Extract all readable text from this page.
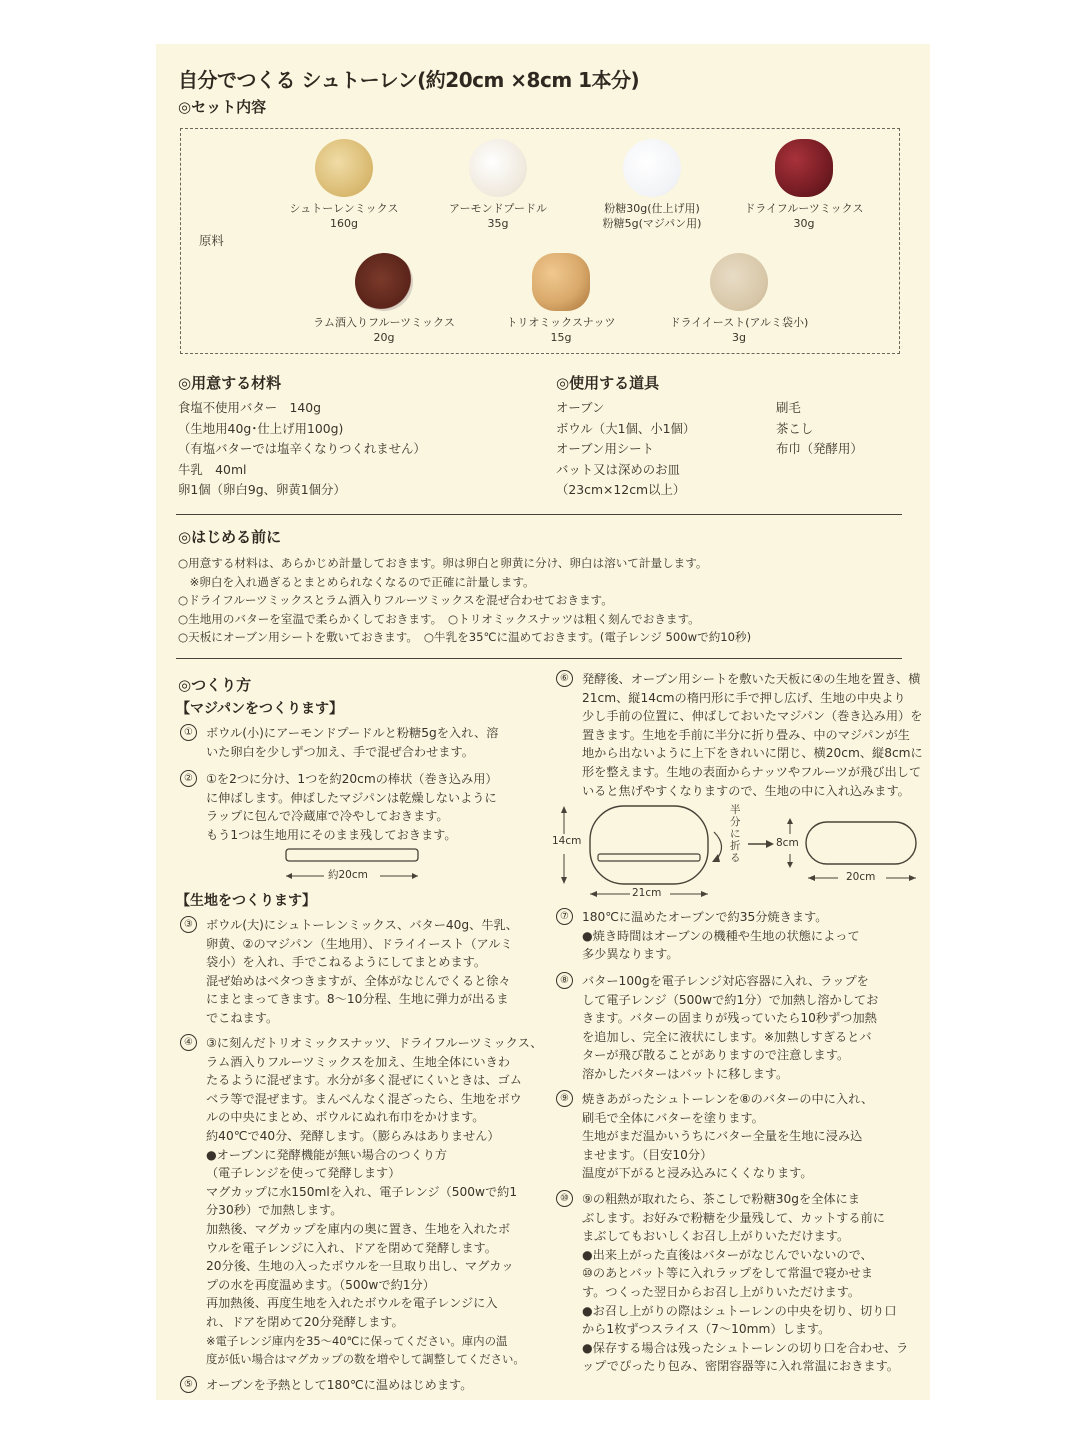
自分でつくる シュトーレン(約20cm ×8cm 1本分)
◎セット内容
原料
シュトーレンミックス
160g
アーモンドプードル
35g
粉糖30g(仕上げ用)
粉糖5g(マジパン用)
ドライフルーツミックス
30g
ラム酒入りフルーツミックス
20g
トリオミックスナッツ
15g
ドライイースト(アルミ袋小)
3g
◎用意する材料
食塩不使用バター　140g
（生地用40g･仕上げ用100g)
（有塩バターでは塩辛くなりつくれません）
牛乳　40ml
卵1個（卵白9g、卵黄1個分）
◎使用する道具
オーブン
ボウル（大1個、小1個）
オーブン用シート
バット又は深めのお皿
（23cm×12cm以上）
刷毛
茶こし
布巾（発酵用）
◎はじめる前に
○用意する材料は、あらかじめ計量しておきます。卵は卵白と卵黄に分け、卵白は溶いて計量します。
　※卵白を入れ過ぎるとまとめられなくなるので正確に計量します。
○ドライフルーツミックスとラム酒入りフルーツミックスを混ぜ合わせておきます。
○生地用のバターを室温で柔らかくしておきます。　○トリオミックスナッツは粗く刻んでおきます。
○天板にオーブン用シートを敷いておきます。　○牛乳を35℃に温めておきます。(電子レンジ 500wで約10秒)
◎つくり方
【マジパンをつくります】
①	ボウル(小)にアーモンドプードルと粉糖5gを入れ、溶
いた卵白を少しずつ加え、手で混ぜ合わせます。
②	①を2つに分け、1つを約20cmの棒状（巻き込み用）
に伸ばします。伸ばしたマジパンは乾燥しないように
ラップに包んで冷蔵庫で冷やしておきます。
もう1つは生地用にそのまま残しておきます。
約20cm
【生地をつくります】
③	ボウル(大)にシュトーレンミックス、バター40g、牛乳、
卵黄、②のマジパン（生地用）、ドライイースト（アルミ
袋小）を入れ、手でこねるようにしてまとめます。
混ぜ始めはベタつきますが、全体がなじんでくると徐々
にまとまってきます。8～10分程、生地に弾力が出るま
でこねます。
④	③に刻んだトリオミックスナッツ、ドライフルーツミックス、
ラム酒入りフルーツミックスを加え、生地全体にいきわ
たるように混ぜます。水分が多く混ぜにくいときは、ゴム
ベラ等で混ぜます。まんべんなく混ざったら、生地をボウ
ルの中央にまとめ、ボウルにぬれ布巾をかけます。
約40℃で40分、発酵します。（膨らみはありません）
●オーブンに発酵機能が無い場合のつくり方
（電子レンジを使って発酵します）
マグカップに水150mlを入れ、電子レンジ（500wで約1
分30秒）で加熱します。
加熱後、マグカップを庫内の奥に置き、生地を入れたボ
ウルを電子レンジに入れ、ドアを閉めて発酵します。
20分後、生地の入ったボウルを一旦取り出し、マグカッ
プの水を再度温めます。（500wで約1分）
再加熱後、再度生地を入れたボウルを電子レンジに入
れ、ドアを閉めて20分発酵します。
※電子レンジ庫内を35～40℃に保ってください。庫内の温
度が低い場合はマグカップの数を増やして調整してください。
⑤	オーブンを予熱として180℃に温めはじめます。
⑥	発酵後、オーブン用シートを敷いた天板に④の生地を置き、横
21cm、縦14cmの楕円形に手で押し広げ、生地の中央より
少し手前の位置に、伸ばしておいたマジパン（巻き込み用）を
置きます。生地を手前に半分に折り畳み、中のマジパンが生
地から出ないように上下をきれいに閉じ、横20cm、縦8cmに
形を整えます。生地の表面からナッツやフルーツが飛び出して
いると焦げやすくなりますので、生地の中に入れ込みます。
14cm
21cm
半分に折る
8cm
20cm
⑦	180℃に温めたオーブンで約35分焼きます。
●焼き時間はオーブンの機種や生地の状態によって
多少異なります。
⑧	バター100gを電子レンジ対応容器に入れ、ラップを
して電子レンジ（500wで約1分）で加熱し溶かしてお
きます。バターの固まりが残っていたら10秒ずつ加熱
を追加し、完全に液状にします。※加熱しすぎるとバ
ターが飛び散ることがありますので注意します。
溶かしたバターはバットに移します。
⑨	焼きあがったシュトーレンを⑧のバターの中に入れ、
刷毛で全体にバターを塗ります。
生地がまだ温かいうちにバター全量を生地に浸み込
ませます。（目安10分）
温度が下がると浸み込みにくくなります。
⑩	⑨の粗熱が取れたら、茶こしで粉糖30gを全体にま
ぶします。お好みで粉糖を少量残して、カットする前に
まぶしてもおいしくお召し上がりいただけます。
●出来上がった直後はバターがなじんでいないので、
⑩のあとバット等に入れラップをして常温で寝かせま
す。つくった翌日からお召し上がりいただけます。
●お召し上がりの際はシュトーレンの中央を切り、切り口
から1枚ずつスライス（7～10mm）します。
●保存する場合は残ったシュトーレンの切り口を合わせ、ラ
ップでぴったり包み、密閉容器等に入れ常温におきます。
